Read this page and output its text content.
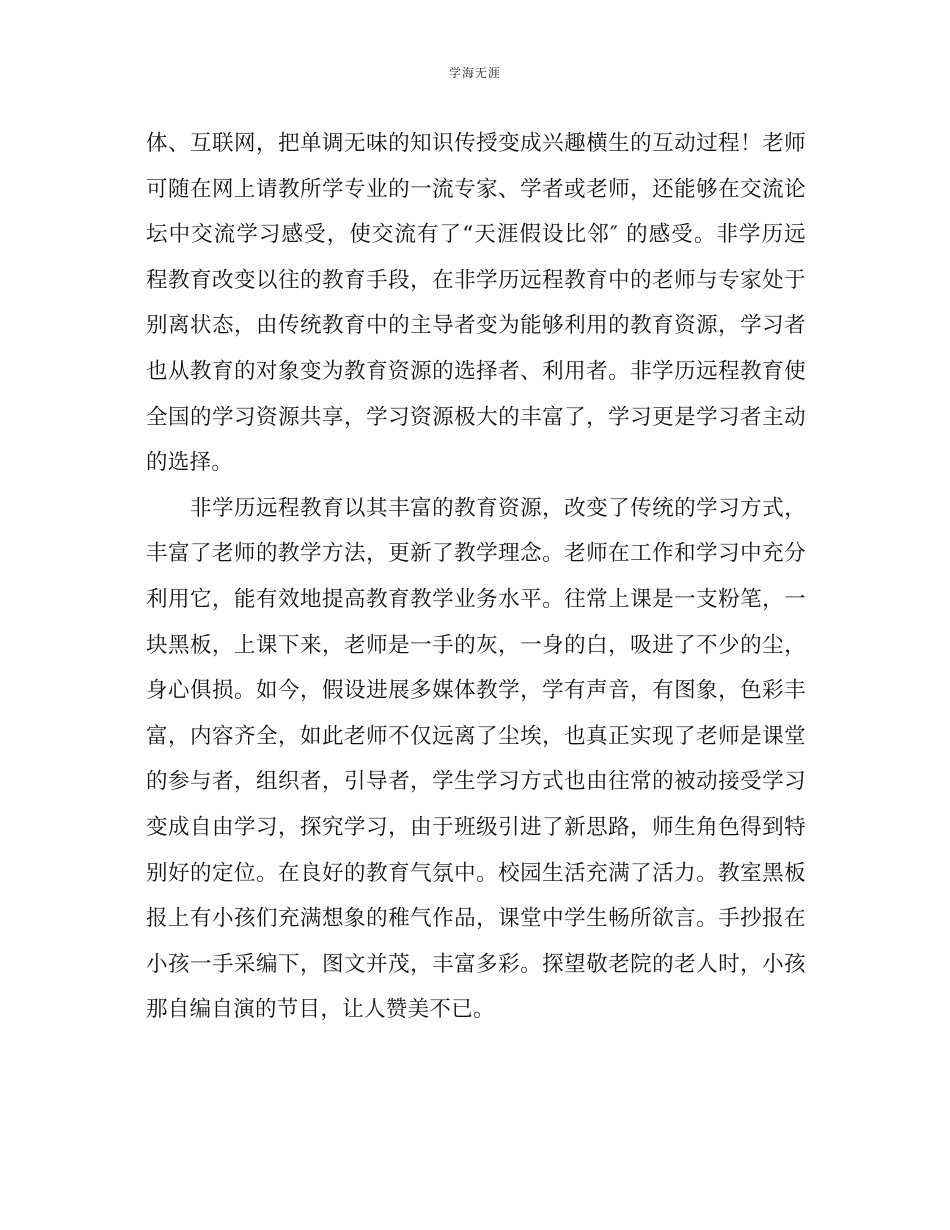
学海无涯
体、互联网，把单调无味的知识传授变成兴趣横生的互动过程！老师
可随在网上请教所学专业的一流专家、学者或老师，还能够在交流论
坛中交流学习感受，使交流有了“天涯假设比邻″ 的感受。非学历远
程教育改变以往的教育手段，在非学历远程教育中的老师与专家处于
别离状态，由传统教育中的主导者变为能够利用的教育资源，学习者
也从教育的对象变为教育资源的选择者、利用者。非学历远程教育使
全国的学习资源共享，学习资源极大的丰富了，学习更是学习者主动
的选择。
非学历远程教育以其丰富的教育资源，改变了传统的学习方式，
丰富了老师的教学方法，更新了教学理念。老师在工作和学习中充分
利用它，能有效地提高教育教学业务水平。往常上课是一支粉笔，一
块黑板，上课下来，老师是一手的灰，一身的白，吸进了不少的尘，
身心俱损。如今，假设进展多媒体教学，学有声音，有图象，色彩丰
富，内容齐全，如此老师不仅远离了尘埃，也真正实现了老师是课堂
的参与者，组织者，引导者，学生学习方式也由往常的被动接受学习
变成自由学习，探究学习，由于班级引进了新思路，师生角色得到特
别好的定位。在良好的教育气氛中。校园生活充满了活力。教室黑板
报上有小孩们充满想象的稚气作品，课堂中学生畅所欲言。手抄报在
小孩一手采编下，图文并茂，丰富多彩。探望敬老院的老人时，小孩
那自编自演的节目，让人赞美不已。
